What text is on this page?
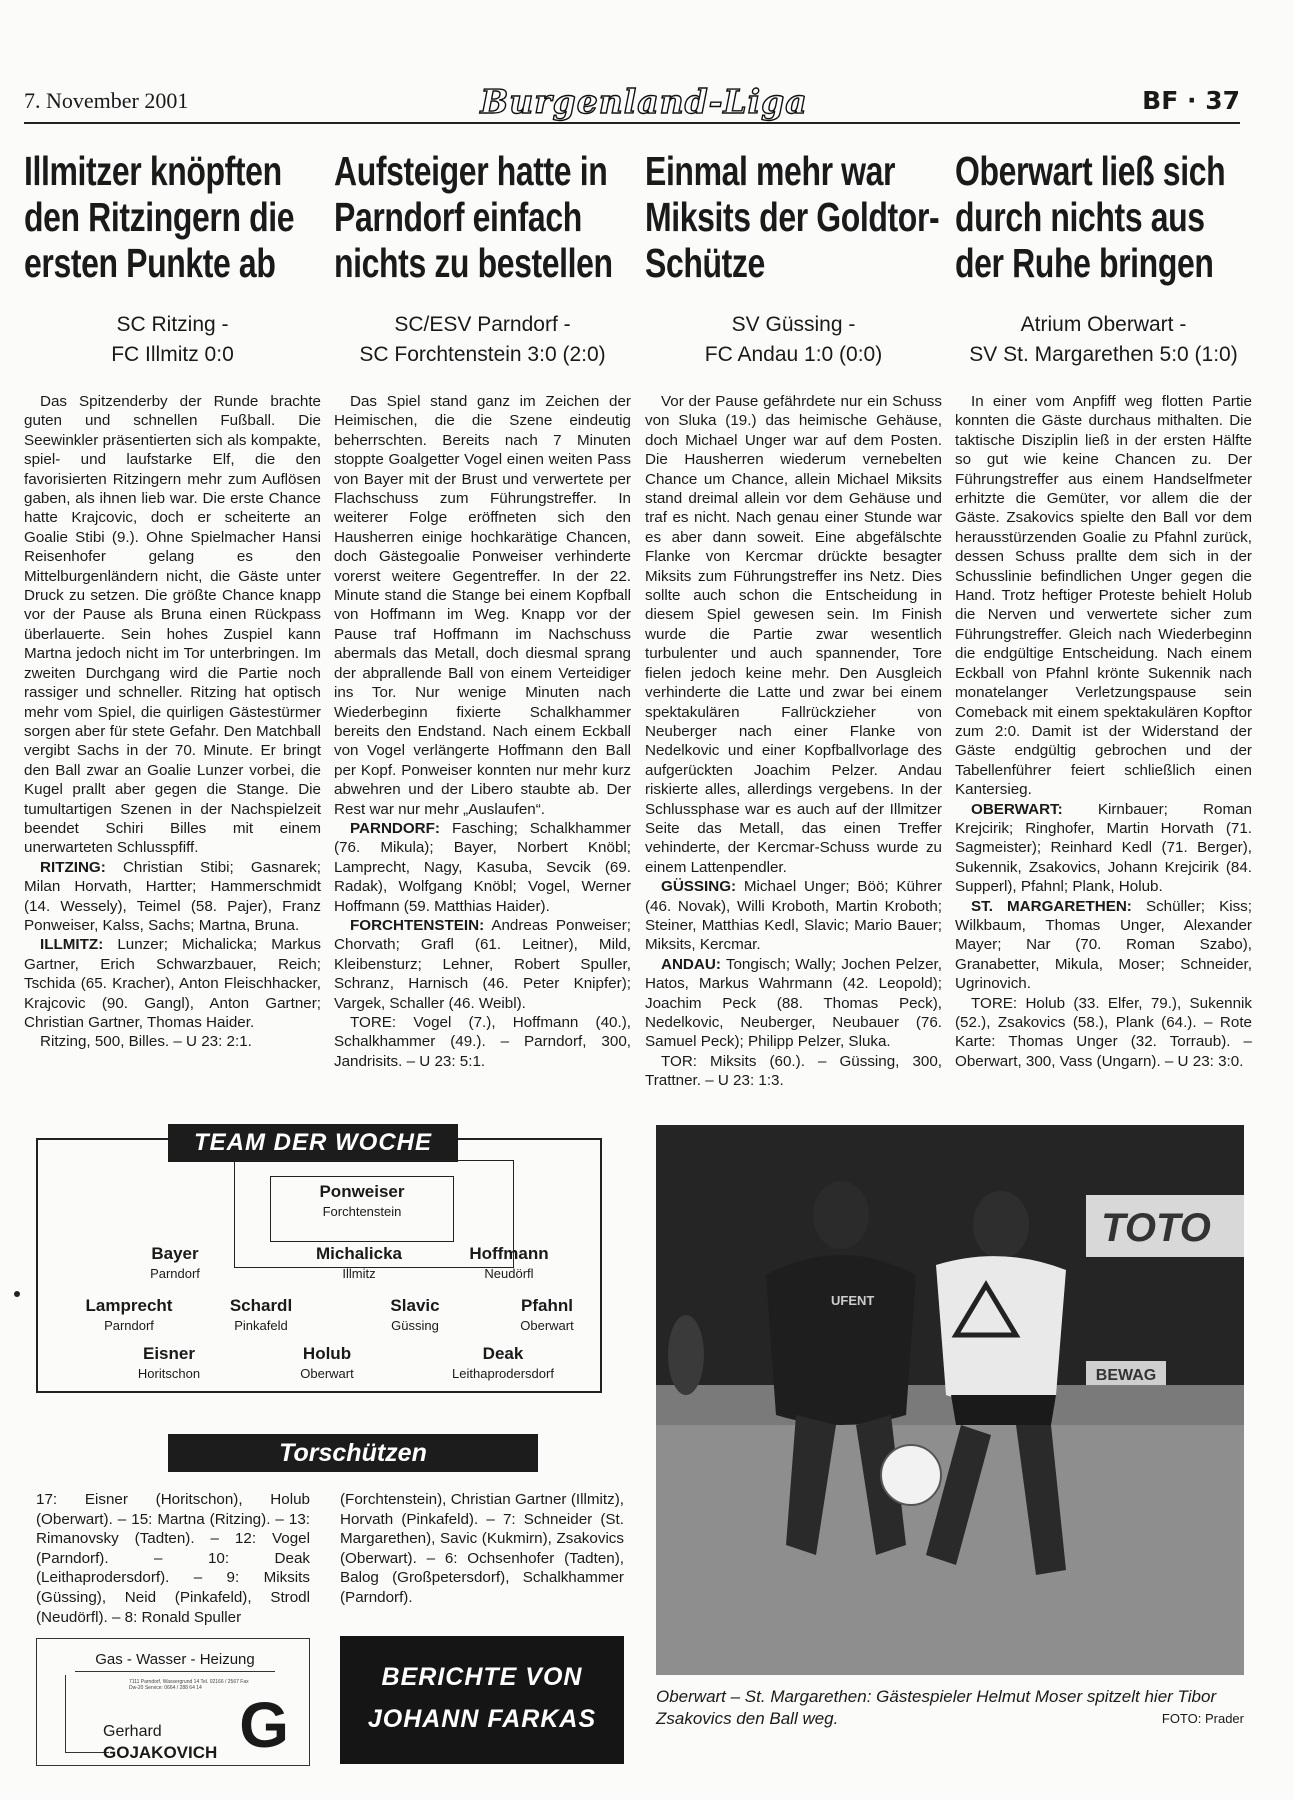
7. November 2001	Burgenland-Liga	BF · 37
Illmitzer knöpften den Ritzingern die ersten Punkte ab
SC Ritzing -
FC Illmitz 0:0

Das Spitzenderby der Runde brachte guten und schnellen Fußball. Die Seewinkler präsentierten sich als kompakte, spiel- und laufstarke Elf, die den favorisierten Ritzingern mehr zum Auflösen gaben, als ihnen lieb war. Die erste Chance hatte Krajcovic, doch er scheiterte an Goalie Stibi (9.). Ohne Spielmacher Hansi Reisenhofer gelang es den Mittelburgenländern nicht, die Gäste unter Druck zu setzen. Die größte Chance knapp vor der Pause als Bruna einen Rückpass überlauerte. Sein hohes Zuspiel kann Martna jedoch nicht im Tor unterbringen. Im zweiten Durchgang wird die Partie noch rassiger und schneller. Ritzing hat optisch mehr vom Spiel, die quirligen Gästestürmer sorgen aber für stete Gefahr. Den Matchball vergibt Sachs in der 70. Minute. Er bringt den Ball zwar an Goalie Lunzer vorbei, die Kugel prallt aber gegen die Stange. Die tumultartigen Szenen in der Nachspielzeit beendet Schiri Billes mit einem unerwarteten Schlusspfiff.

RITZING: Christian Stibi; Gasnarek; Milan Horvath, Hartter; Hammerschmidt (14. Wessely), Teimel (58. Pajer), Franz Ponweiser, Kalss, Sachs; Martna, Bruna.

ILLMITZ: Lunzer; Michalicka; Markus Gartner, Erich Schwarzbauer, Reich; Tschida (65. Kracher), Anton Fleischhacker, Krajcovic (90. Gangl), Anton Gartner; Christian Gartner, Thomas Haider.

Ritzing, 500, Billes. – U 23: 2:1.

Aufsteiger hatte in Parndorf einfach nichts zu bestellen
SC/ESV Parndorf -
SC Forchtenstein 3:0 (2:0)

Das Spiel stand ganz im Zeichen der Heimischen, die die Szene eindeutig beherrschten. Bereits nach 7 Minuten stoppte Goalgetter Vogel einen weiten Pass von Bayer mit der Brust und verwertete per Flachschuss zum Führungstreffer. In weiterer Folge eröffneten sich den Hausherren einige hochkarätige Chancen, doch Gästegoalie Ponweiser verhinderte vorerst weitere Gegentreffer. In der 22. Minute stand die Stange bei einem Kopfball von Hoffmann im Weg. Knapp vor der Pause traf Hoffmann im Nachschuss abermals das Metall, doch diesmal sprang der abprallende Ball von einem Verteidiger ins Tor. Nur wenige Minuten nach Wiederbeginn fixierte Schalkhammer bereits den Endstand. Nach einem Eckball von Vogel verlängerte Hoffmann den Ball per Kopf. Ponweiser konnten nur mehr kurz abwehren und der Libero staubte ab. Der Rest war nur mehr „Auslaufen“.

PARNDORF: Fasching; Schalkhammer (76. Mikula); Bayer, Norbert Knöbl; Lamprecht, Nagy, Kasuba, Sevcik (69. Radak), Wolfgang Knöbl; Vogel, Werner Hoffmann (59. Matthias Haider).

FORCHTENSTEIN: Andreas Ponweiser; Chorvath; Grafl (61. Leitner), Mild, Kleibensturz; Lehner, Robert Spuller, Schranz, Harnisch (46. Peter Knipfer); Vargek, Schaller (46. Weibl).

TORE: Vogel (7.), Hoffmann (40.), Schalkhammer (49.). – Parndorf, 300, Jandrisits. – U 23: 5:1.

Einmal mehr war Miksits der Goldtor-Schütze
SV Güssing -
FC Andau 1:0 (0:0)

Vor der Pause gefährdete nur ein Schuss von Sluka (19.) das heimische Gehäuse, doch Michael Unger war auf dem Posten. Die Hausherren wiederum vernebelten Chance um Chance, allein Michael Miksits stand dreimal allein vor dem Gehäuse und traf es nicht. Nach genau einer Stunde war es aber dann soweit. Eine abgefälschte Flanke von Kercmar drückte besagter Miksits zum Führungstreffer ins Netz. Dies sollte auch schon die Entscheidung in diesem Spiel gewesen sein. Im Finish wurde die Partie zwar wesentlich turbulenter und auch spannender, Tore fielen jedoch keine mehr. Den Ausgleich verhinderte die Latte und zwar bei einem spektakulären Fallrückzieher von Neuberger nach einer Flanke von Nedelkovic und einer Kopfballvorlage des aufgerückten Joachim Pelzer. Andau riskierte alles, allerdings vergebens. In der Schlussphase war es auch auf der Illmitzer Seite das Metall, das einen Treffer vehinderte, der Kercmar-Schuss wurde zu einem Lattenpendler.

GÜSSING: Michael Unger; Böö; Kührer (46. Novak), Willi Kroboth, Martin Kroboth; Steiner, Matthias Kedl, Slavic; Mario Bauer; Miksits, Kercmar.

ANDAU: Tongisch; Wally; Jochen Pelzer, Hatos, Markus Wahrmann (42. Leopold); Joachim Peck (88. Thomas Peck), Nedelkovic, Neuberger, Neubauer (76. Samuel Peck); Philipp Pelzer, Sluka.

TOR: Miksits (60.). – Güssing, 300, Trattner. – U 23: 1:3.

Oberwart ließ sich durch nichts aus der Ruhe bringen
Atrium Oberwart -
SV St. Margarethen 5:0 (1:0)

In einer vom Anpfiff weg flotten Partie konnten die Gäste durchaus mithalten. Die taktische Disziplin ließ in der ersten Hälfte so gut wie keine Chancen zu. Der Führungstreffer aus einem Handselfmeter erhitzte die Gemüter, vor allem die der Gäste. Zsakovics spielte den Ball vor dem herausstürzenden Goalie zu Pfahnl zurück, dessen Schuss prallte dem sich in der Schusslinie befindlichen Unger gegen die Hand. Trotz heftiger Proteste behielt Holub die Nerven und verwertete sicher zum Führungstreffer. Gleich nach Wiederbeginn die endgültige Entscheidung. Nach einem Eckball von Pfahnl krönte Sukennik nach monatelanger Verletzungspause sein Comeback mit einem spektakulären Kopftor zum 2:0. Damit ist der Widerstand der Gäste endgültig gebrochen und der Tabellenführer feiert schließlich einen Kantersieg.

OBERWART: Kirnbauer; Roman Krejcirik; Ringhofer, Martin Horvath (71. Sagmeister); Reinhard Kedl (71. Berger), Sukennik, Zsakovics, Johann Krejcirik (84. Supperl), Pfahnl; Plank, Holub.

ST. MARGARETHEN: Schüller; Kiss; Wilkbaum, Thomas Unger, Alexander Mayer; Nar (70. Roman Szabo), Granabetter, Mikula, Moser; Schneider, Ugrinovich.

TORE: Holub (33. Elfer, 79.), Sukennik (52.), Zsakovics (58.), Plank (64.). – Rote Karte: Thomas Unger (32. Torraub). – Oberwart, 300, Vass (Ungarn). – U 23: 3:0.

TEAM DER WOCHE
Ponweiser
Forchtenstein
Bayer
Parndorf
Michalicka
Illmitz
Hoffmann
Neudörfl
Lamprecht
Parndorf
Schardl
Pinkafeld
Slavic
Güssing
Pfahnl
Oberwart
Eisner
Horitschon
Holub
Oberwart
Deak
Leithaprodersdorf
Torschützen
17: Eisner (Horitschon), Holub (Oberwart). – 15: Martna (Ritzing). – 13: Rimanovsky (Tadten). – 12: Vogel (Parndorf). – 10: Deak (Leithaprodersdorf). – 9: Miksits (Güssing), Neid (Pinkafeld), Strodl (Neudörfl). – 8: Ronald Spuller
(Forchtenstein), Christian Gartner (Illmitz), Horvath (Pinkafeld). – 7: Schneider (St. Margarethen), Savic (Kukmirn), Zsakovics (Oberwart). – 6: Ochsenhofer (Tadten), Balog (Großpetersdorf), Schalkhammer (Parndorf).
Gas - Wasser - Heizung
7111 Parndorf, Wassergrund 14 Tel. 02166 / 2567 Fax Dw-20 Service: 0664 / 288 64 14
Gerhard
GOJAKOVICH G
BERICHTE VON
JOHANN FARKAS
TOTO
BEWAG
UFENT
Oberwart – St. Margarethen: Gästespieler Helmut Moser spitzelt hier Tibor Zsakovics den Ball weg.	FOTO: Prader
